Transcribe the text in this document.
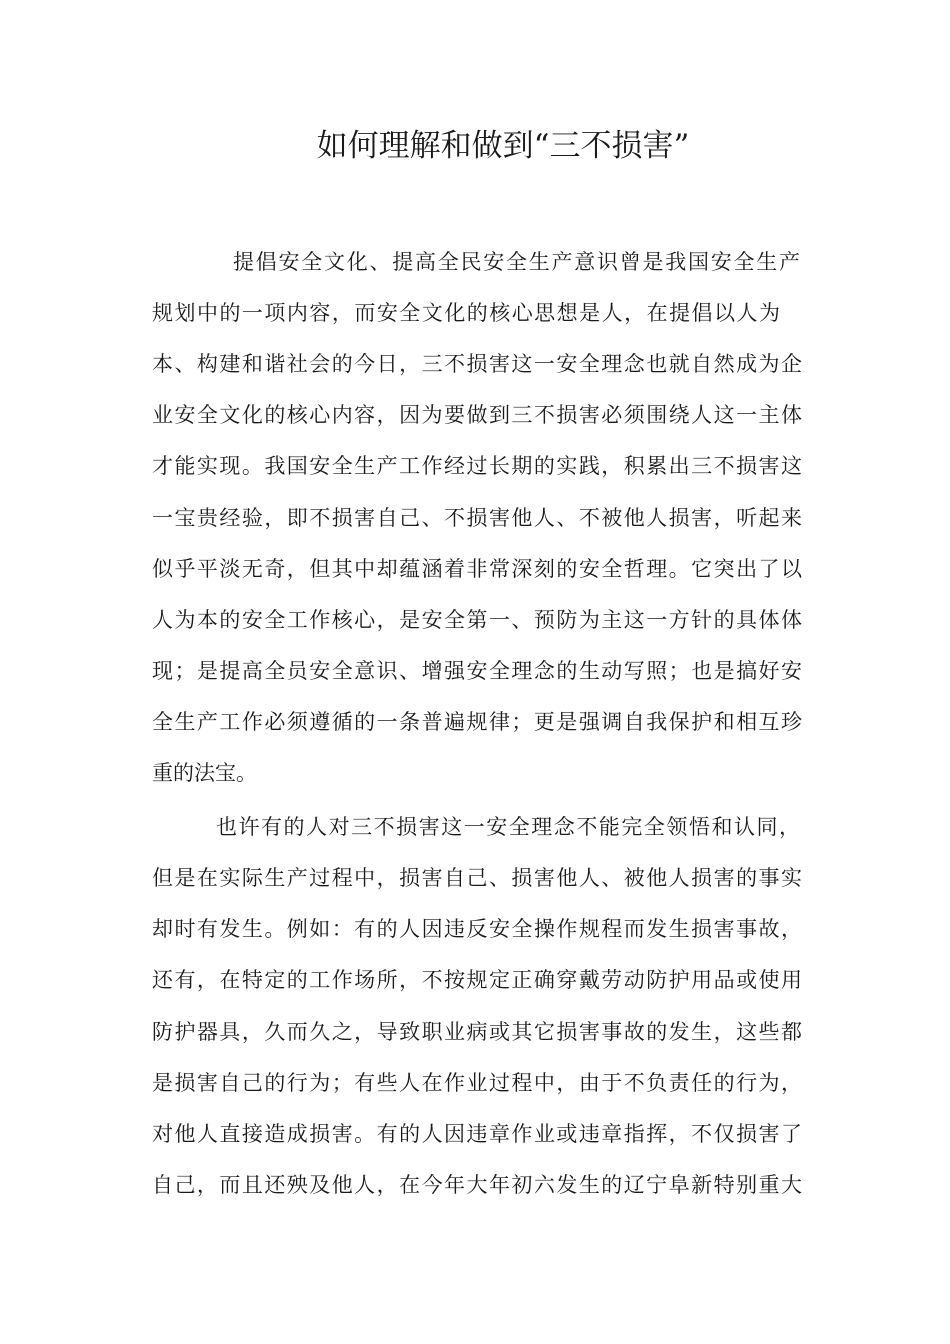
如何理解和做到“三不损害”
提倡安全文化、提高全民安全生产意识曾是我国安全生产
规划中的一项内容，而安全文化的核心思想是人，在提倡以人为
本、构建和谐社会的今日，三不损害这一安全理念也就自然成为企
业安全文化的核心内容，因为要做到三不损害必须围绕人这一主体
才能实现。我国安全生产工作经过长期的实践，积累出三不损害这
一宝贵经验，即不损害自己、不损害他人、不被他人损害，听起来
似乎平淡无奇，但其中却蕴涵着非常深刻的安全哲理。它突出了以
人为本的安全工作核心，是安全第一、预防为主这一方针的具体体
现；是提高全员安全意识、增强安全理念的生动写照；也是搞好安
全生产工作必须遵循的一条普遍规律；更是强调自我保护和相互珍
重的法宝。
也许有的人对三不损害这一安全理念不能完全领悟和认同，
但是在实际生产过程中，损害自己、损害他人、被他人损害的事实
却时有发生。例如：有的人因违反安全操作规程而发生损害事故，
还有，在特定的工作场所，不按规定正确穿戴劳动防护用品或使用
防护器具，久而久之，导致职业病或其它损害事故的发生，这些都
是损害自己的行为；有些人在作业过程中，由于不负责任的行为，
对他人直接造成损害。有的人因违章作业或违章指挥，不仅损害了
自己，而且还殃及他人，在今年大年初六发生的辽宁阜新特别重大
